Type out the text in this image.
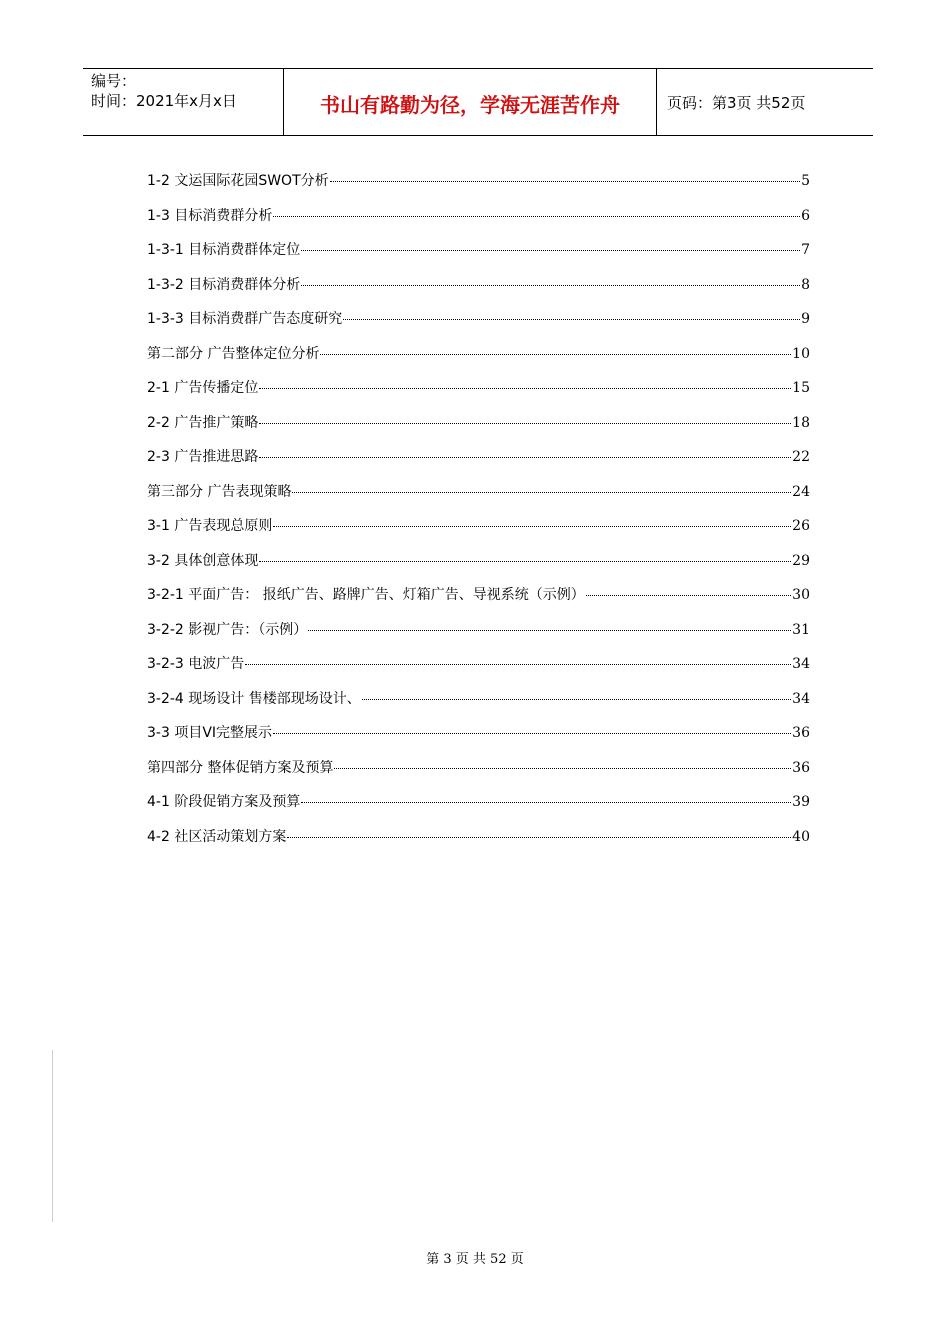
编号：
时间：2021年x月x日	书山有路勤为径，学海无涯苦作舟	页码：第3页 共52页
1-2 文运国际花园SWOT分析	5
1-3 目标消费群分析	6
1-3-1 目标消费群体定位	7
1-3-2 目标消费群体分析	8
1-3-3 目标消费群广告态度研究	9
第二部分 广告整体定位分析	10
2-1 广告传播定位	15
2-2 广告推广策略	18
2-3 广告推进思路	22
第三部分 广告表现策略	24
3-1 广告表现总原则	26
3-2 具体创意体现	29
3-2-1 平面广告： 报纸广告、路牌广告、灯箱广告、导视系统（示例）	30
3-2-2 影视广告：（示例）	31
3-2-3 电波广告	34
3-2-4 现场设计 售楼部现场设计、	34
3-3 项目VI完整展示	36
第四部分 整体促销方案及预算	36
4-1 阶段促销方案及预算	39
4-2 社区活动策划方案	40
第 3 页 共 52 页
